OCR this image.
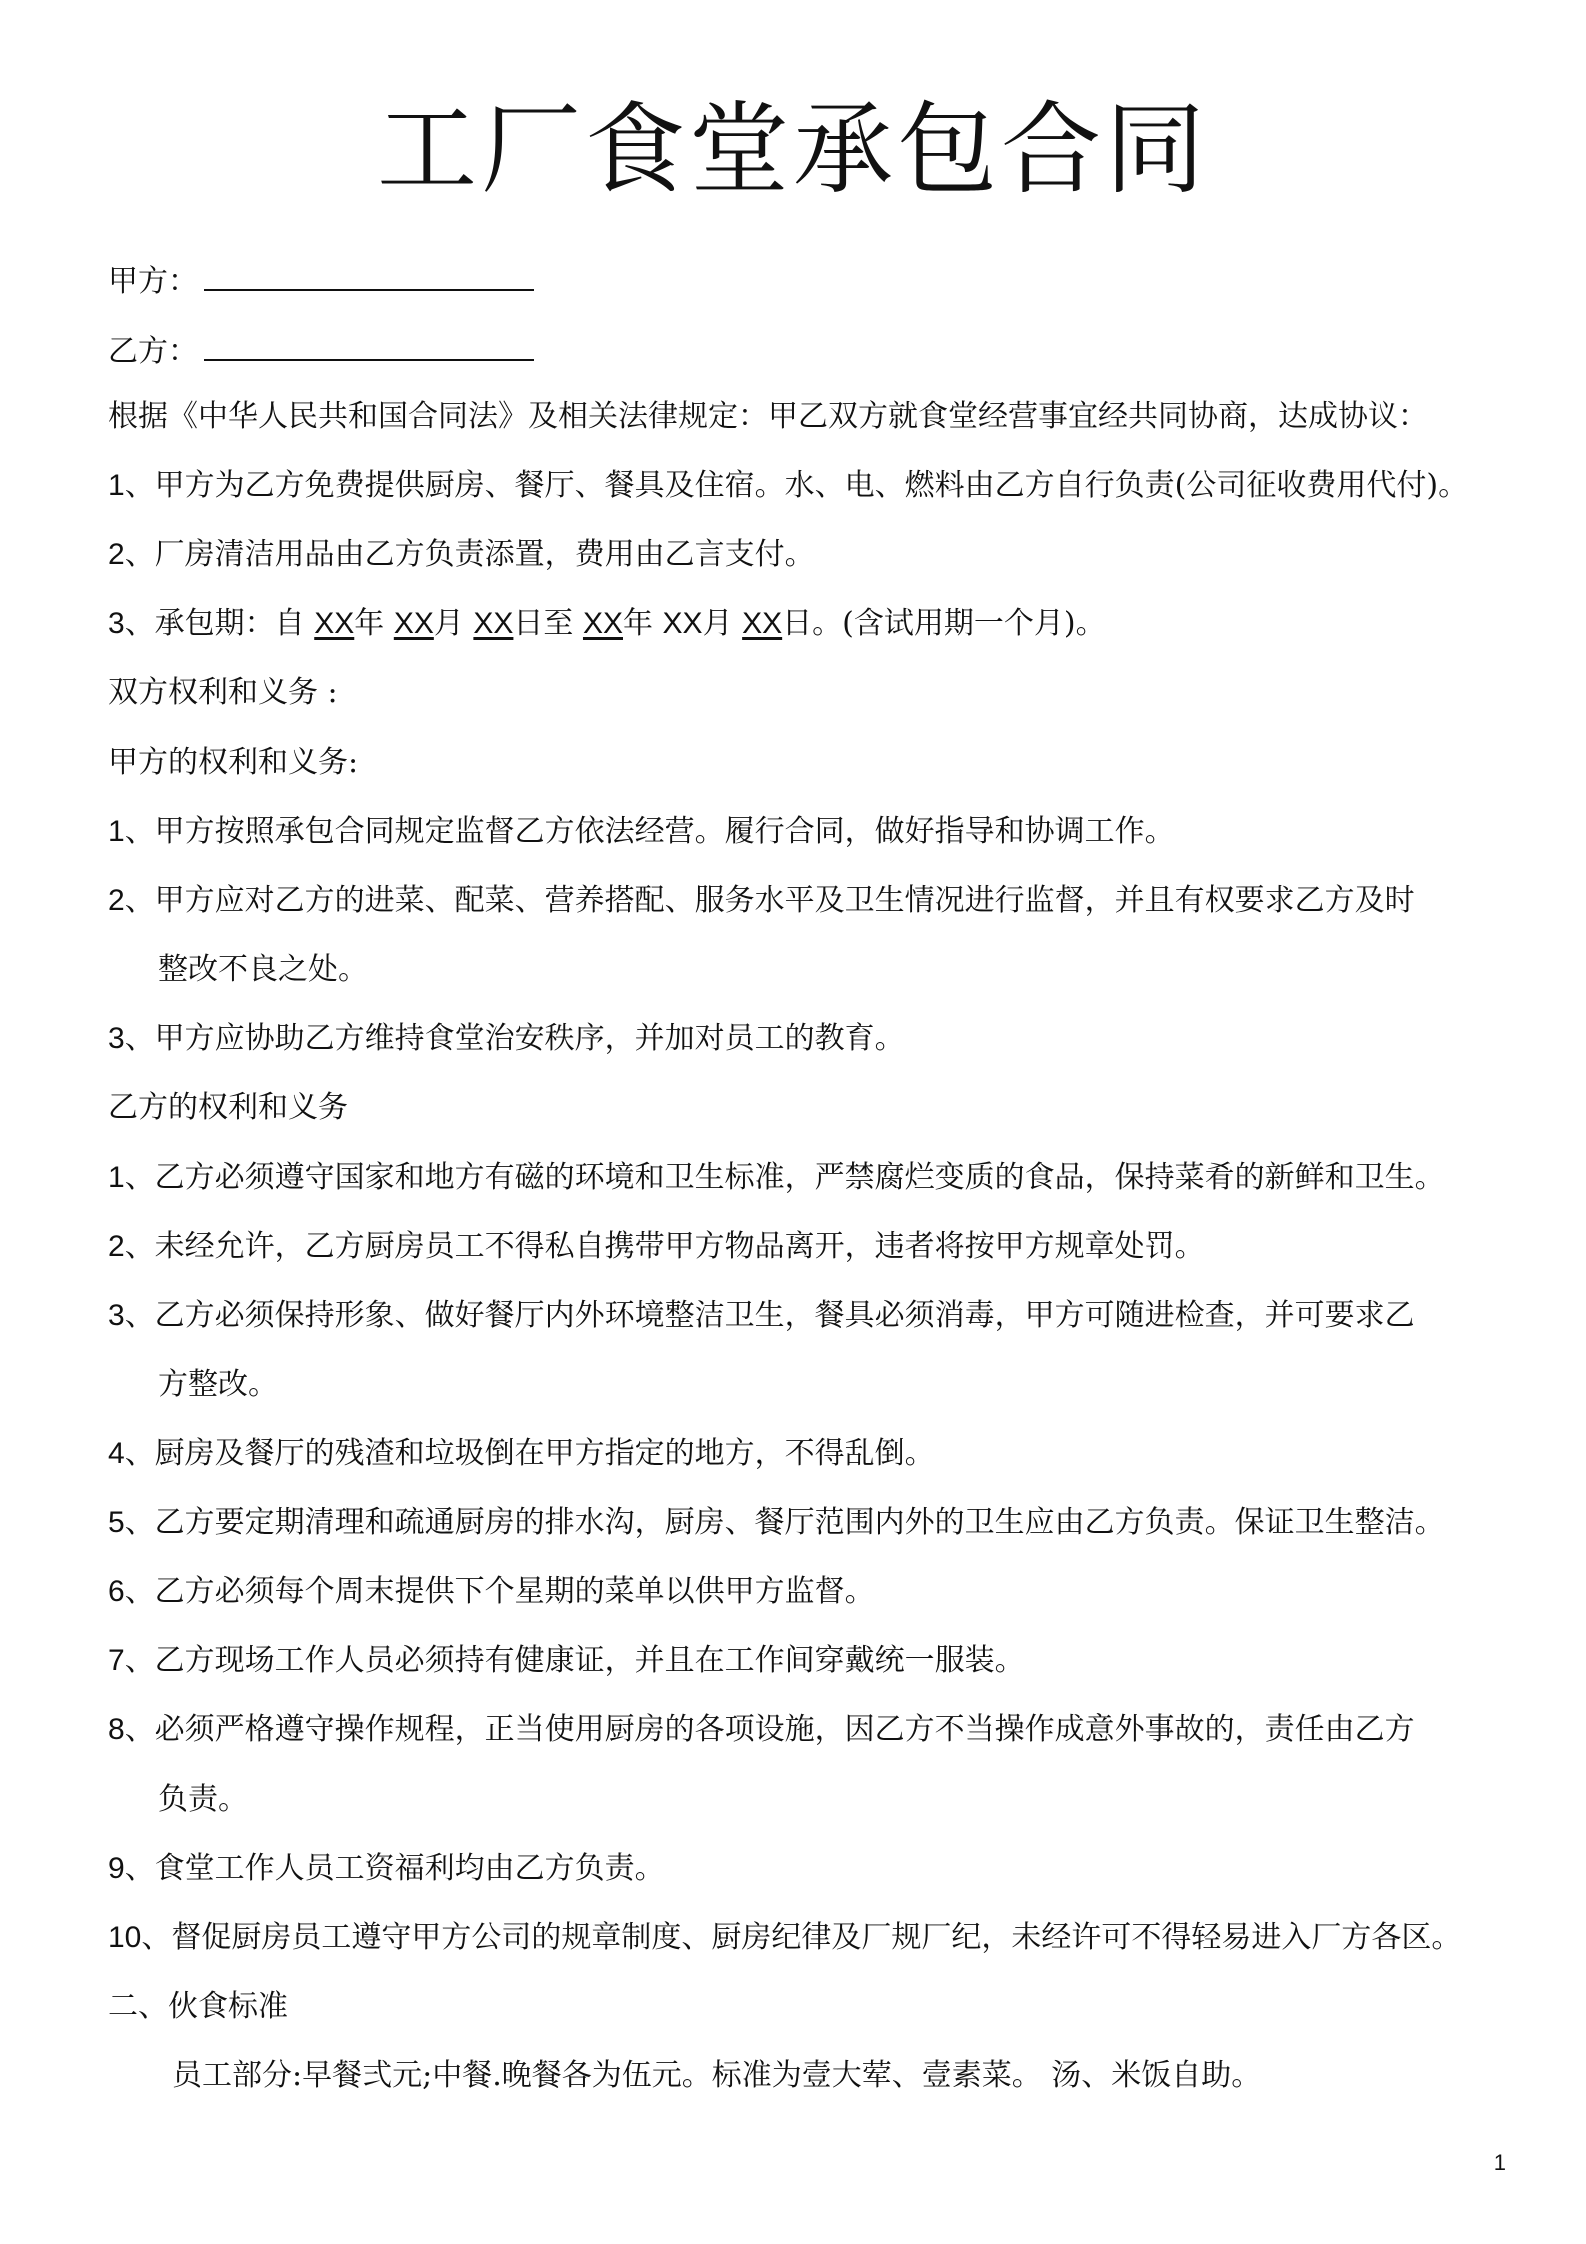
工厂食堂承包合同
甲方：
乙方：
根据《中华人民共和国合同法》及相关法律规定：甲乙双方就食堂经营事宜经共同协商，达成协议：
1、甲方为乙方免费提供厨房、餐厅、餐具及住宿。水、电、燃料由乙方自行负责(公司征收费用代付)。
2、厂房清洁用品由乙方负责添置，费用由乙言支付。
3、承包期：自 XX年 XX月 XX日至 XX年 XX月 XX日。(含试用期一个月)。
双方权利和义务 :
甲方的权利和义务:
1、甲方按照承包合同规定监督乙方依法经营。履行合同，做好指导和协调工作。
2、甲方应对乙方的进菜、配菜、营养搭配、服务水平及卫生情况进行监督，并且有权要求乙方及时
整改不良之处。
3、甲方应协助乙方维持食堂治安秩序，并加对员工的教育。
乙方的权利和义务
1、乙方必须遵守国家和地方有磁的环境和卫生标准，严禁腐烂变质的食品，保持菜肴的新鲜和卫生。
2、未经允许，乙方厨房员工不得私自携带甲方物品离开，违者将按甲方规章处罚。
3、乙方必须保持形象、做好餐厅内外环境整洁卫生，餐具必须消毒，甲方可随进检查，并可要求乙
方整改。
4、厨房及餐厅的残渣和垃圾倒在甲方指定的地方，不得乱倒。
5、乙方要定期清理和疏通厨房的排水沟，厨房、餐厅范围内外的卫生应由乙方负责。保证卫生整洁。
6、乙方必须每个周末提供下个星期的菜单以供甲方监督。
7、乙方现场工作人员必须持有健康证，并且在工作间穿戴统一服装。
8、必须严格遵守操作规程，正当使用厨房的各项设施，因乙方不当操作成意外事故的，责任由乙方
负责。
9、食堂工作人员工资福利均由乙方负责。
10、督促厨房员工遵守甲方公司的规章制度、厨房纪律及厂规厂纪，未经许可不得轻易进入厂方各区。
二、伙食标准
员工部分:早餐弍元;中餐.晚餐各为伍元。标准为壹大荤、壹素菜。 汤、米饭自助。
1
